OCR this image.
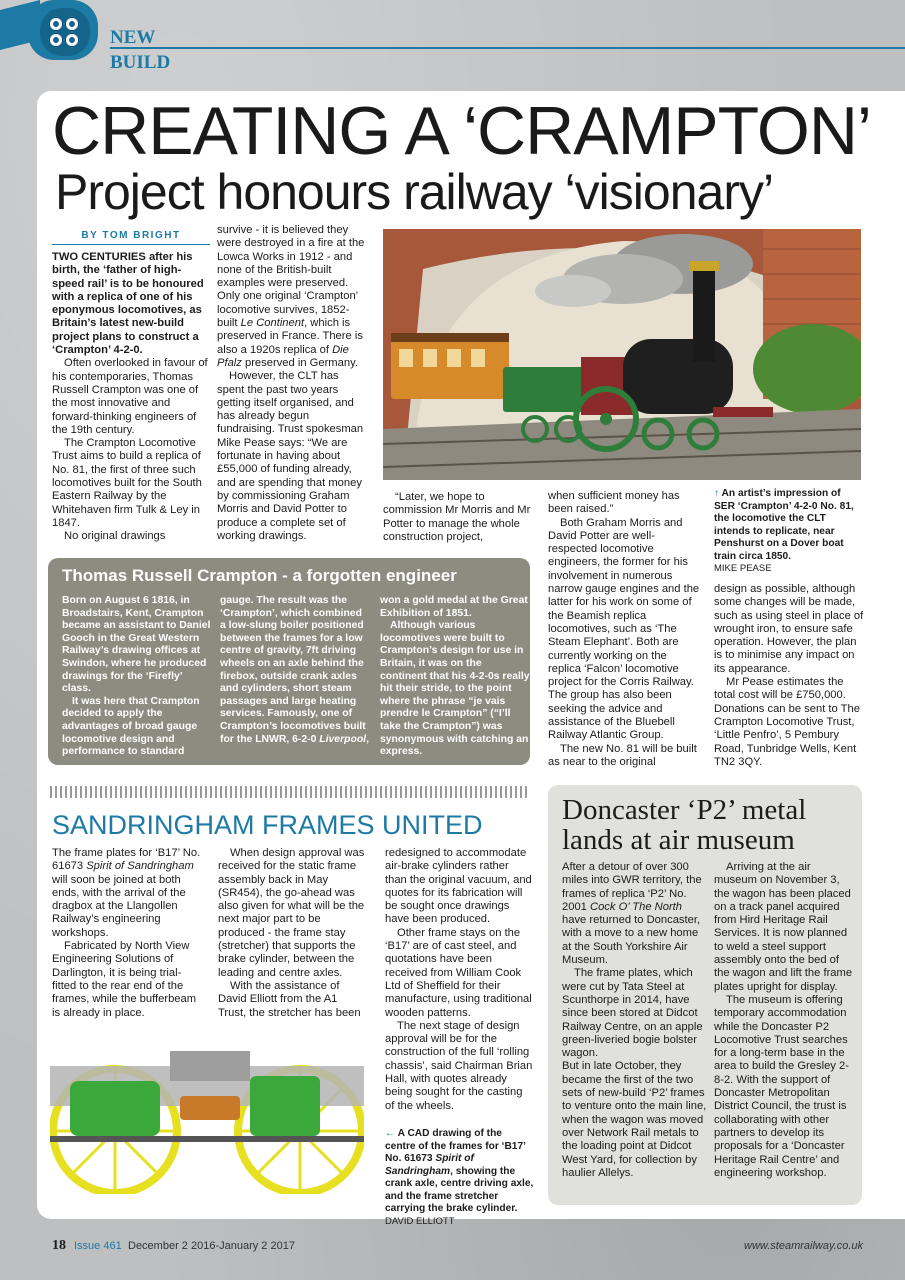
NEW
BUILD
CREATING A ‘CRAMPTON’
Project honours railway ‘visionary’
BY TOM BRIGHT

TWO CENTURIES after his birth, the ‘father of high-speed rail’ is to be honoured with a replica of one of his eponymous locomotives, as Britain’s latest new-build project plans to construct a ‘Crampton’ 4-2-0.

Often overlooked in favour of his contemporaries, Thomas Russell Crampton was one of the most innovative and forward-thinking engineers of the 19th century.

The Crampton Locomotive Trust aims to build a replica of No. 81, the first of three such locomotives built for the South Eastern Railway by the Whitehaven firm Tulk & Ley in 1847.

No original drawings

survive - it is believed they were destroyed in a fire at the Lowca Works in 1912 - and none of the British-built examples were preserved. Only one original ‘Crampton’ locomotive survives, 1852-built Le Continent, which is preserved in France. There is also a 1920s replica of Die Pfalz preserved in Germany.

However, the CLT has spent the past two years getting itself organised, and has already begun fundraising. Trust spokesman Mike Pease says: “We are fortunate in having about £55,000 of funding already, and are spending that money by commissioning Graham Morris and David Potter to produce a complete set of working drawings.

“Later, we hope to commission Mr Morris and Mr Potter to manage the whole construction project,

when sufficient money has been raised.”

Both Graham Morris and David Potter are well-respected locomotive engineers, the former for his involvement in numerous narrow gauge engines and the latter for his work on some of the Beamish replica locomotives, such as ‘The Steam Elephant’. Both are currently working on the replica ‘Falcon’ locomotive project for the Corris Railway. The group has also been seeking the advice and assistance of the Bluebell Railway Atlantic Group.

The new No. 81 will be built as near to the original

↑ An artist’s impression of SER ‘Crampton’ 4-2-0 No. 81, the locomotive the CLT intends to replicate, near Penshurst on a Dover boat train circa 1850.
MIKE PEASE

design as possible, although some changes will be made, such as using steel in place of wrought iron, to ensure safe operation. However, the plan is to minimise any impact on its appearance.

Mr Pease estimates the total cost will be £750,000. Donations can be sent to The Crampton Locomotive Trust, ‘Little Penfro’, 5 Pembury Road, Tunbridge Wells, Kent TN2 3QY.

Thomas Russell Crampton - a forgotten engineer

Born on August 6 1816, in Broadstairs, Kent, Crampton became an assistant to Daniel Gooch in the Great Western Railway’s drawing offices at Swindon, where he produced drawings for the ‘Firefly’ class.

It was here that Crampton decided to apply the advantages of broad gauge locomotive design and performance to standard

gauge. The result was the ‘Crampton’, which combined a low-slung boiler positioned between the frames for a low centre of gravity, 7ft driving wheels on an axle behind the firebox, outside crank axles and cylinders, short steam passages and large heating services. Famously, one of Crampton’s locomotives built for the LNWR, 6-2-0 Liverpool,

won a gold medal at the Great Exhibition of 1851.

Although various locomotives were built to Crampton’s design for use in Britain, it was on the continent that his 4-2-0s really hit their stride, to the point where the phrase “je vais prendre le Crampton” (“I’ll take the Crampton”) was synonymous with catching an express.

SANDRINGHAM FRAMES UNITED

The frame plates for ‘B17’ No. 61673 Spirit of Sandringham will soon be joined at both ends, with the arrival of the dragbox at the Llangollen Railway’s engineering workshops.

Fabricated by North View Engineering Solutions of Darlington, it is being trial-fitted to the rear end of the frames, while the bufferbeam is already in place.

When design approval was received for the static frame assembly back in May (SR454), the go-ahead was also given for what will be the next major part to be produced - the frame stay (stretcher) that supports the brake cylinder, between the leading and centre axles.

With the assistance of David Elliott from the A1 Trust, the stretcher has been

redesigned to accommodate air-brake cylinders rather than the original vacuum, and quotes for its fabrication will be sought once drawings have been produced.

Other frame stays on the ‘B17’ are of cast steel, and quotations have been received from William Cook Ltd of Sheffield for their manufacture, using traditional wooden patterns.

The next stage of design approval will be for the construction of the full ‘rolling chassis’, said Chairman Brian Hall, with quotes already being sought for the casting of the wheels.

← A CAD drawing of the centre of the frames for ‘B17’ No. 61673 Spirit of Sandringham, showing the crank axle, centre driving axle, and the frame stretcher carrying the brake cylinder. DAVID ELLIOTT
Doncaster ‘P2’ metal lands at air museum

After a detour of over 300 miles into GWR territory, the frames of replica ‘P2’ No. 2001 Cock O’ The North have returned to Doncaster, with a move to a new home at the South Yorkshire Air Museum.

The frame plates, which were cut by Tata Steel at Scunthorpe in 2014, have since been stored at Didcot Railway Centre, on an apple green-liveried bogie bolster wagon.

But in late October, they became the first of the two sets of new-build ‘P2’ frames to venture onto the main line, when the wagon was moved over Network Rail metals to the loading point at Didcot West Yard, for collection by haulier Allelys.

Arriving at the air museum on November 3, the wagon has been placed on a track panel acquired from Hird Heritage Rail Services. It is now planned to weld a steel support assembly onto the bed of the wagon and lift the frame plates upright for display.

The museum is offering temporary accommodation while the Doncaster P2 Locomotive Trust searches for a long-term base in the area to build the Gresley 2-8-2. With the support of Doncaster Metropolitan District Council, the trust is collaborating with other partners to develop its proposals for a ‘Doncaster Heritage Rail Centre’ and engineering workshop.

18 Issue 461 December 2 2016-January 2 2017	www.steamrailway.co.uk
